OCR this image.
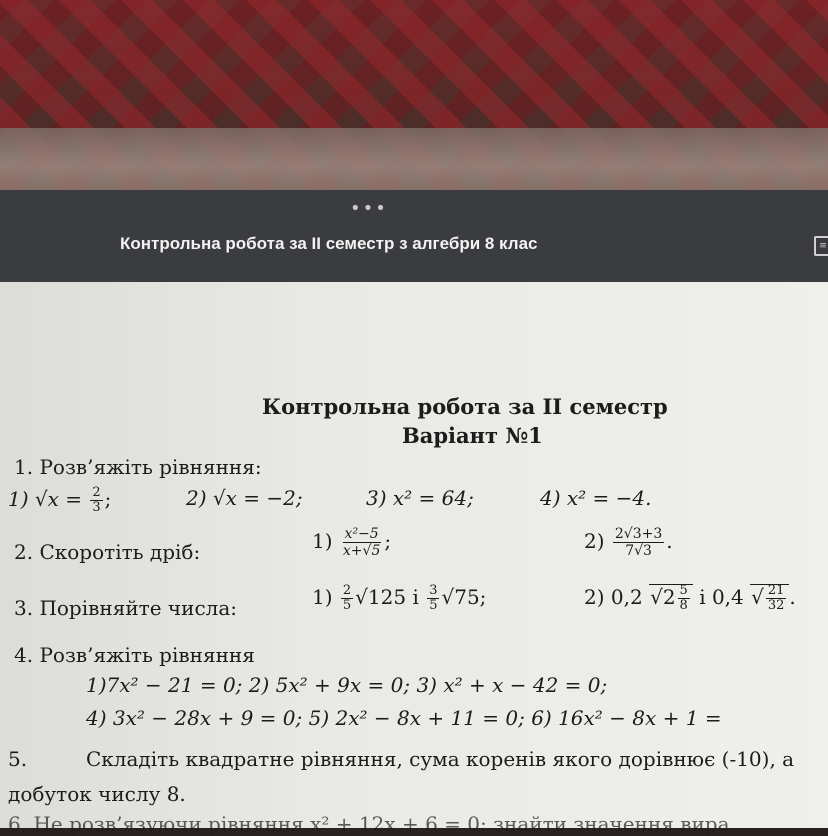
•••
Контрольна робота за ІІ семестр з алгебри 8 клас	≡
Контрольна робота за ІІ семестр
Варіант №1
1. Розв’яжіть рівняння:
1) $√x = \frac{2}{3}$ ;	2) √x = −2;	3) x² = 64;	4) x² = −4.
2. Скоротіть дріб:	$1) \frac{\text{x²−5}}{x+√5}$ ;	$2) \frac{2√3+3}{7√3}$ .
3. Порівняйте числа:	$1) \frac{2}{5} √125$ і $\frac{3}{5} √75$;	2) 0,2 $√2 \frac{5}{8}$ і 0,4 √ $\frac{21}{32}$ .
4. Розв’яжіть рівняння
1)7x² − 21 = 0; 2) 5x² + 9x = 0; 3) x² + x − 42 = 0;
4) 3x² − 28x + 9 = 0; 5) 2x² − 8x + 11 = 0; 6) 16x² − 8x + 1 =
5.	Складіть квадратне рівняння, сума коренів якого дорівнює (-10), а
добуток числу 8.
6. Не розв’язуючи рівняння x² + 12x + 6 = 0; знайти значення вира
